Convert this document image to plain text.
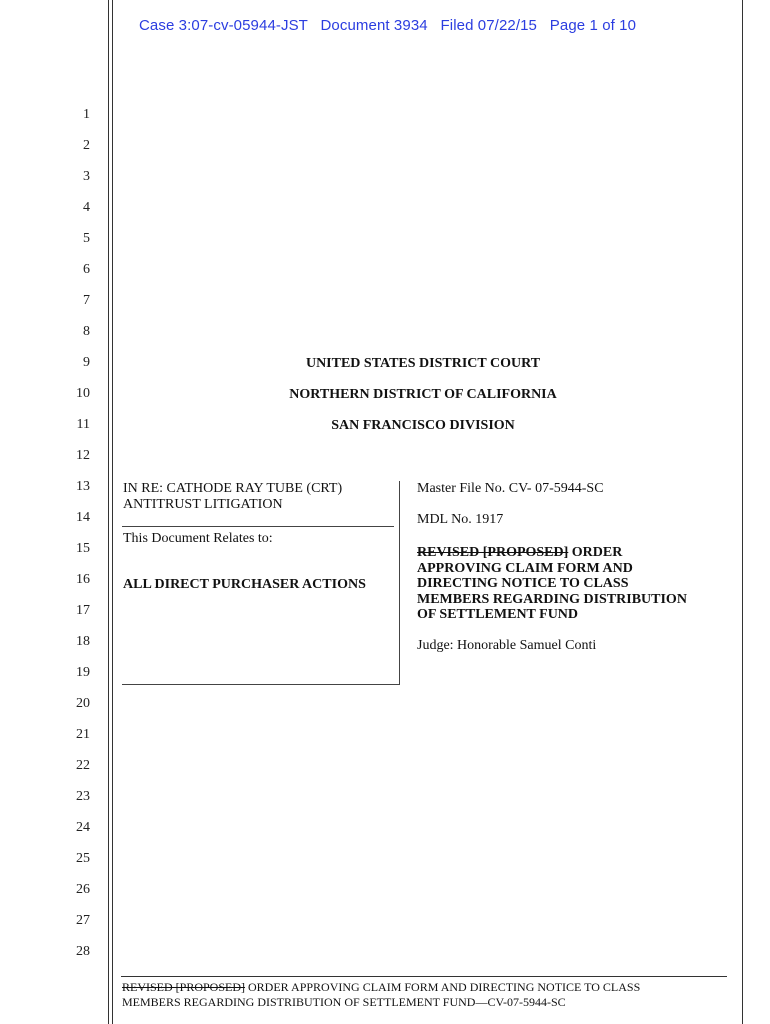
Case 3:07-cv-05944-JST Document 3934 Filed 07/22/15 Page 1 of 10
1
2
3
4
5
6
7
8
9
10
11
12
13
14
15
16
17
18
19
20
21
22
23
24
25
26
27
28
UNITED STATES DISTRICT COURT
NORTHERN DISTRICT OF CALIFORNIA
SAN FRANCISCO DIVISION
IN RE: CATHODE RAY TUBE (CRT)
ANTITRUST LITIGATION
This Document Relates to:
ALL DIRECT PURCHASER ACTIONS
Master File No. CV- 07-5944-SC
MDL No. 1917
REVISED [PROPOSED] ORDER
APPROVING CLAIM FORM AND
DIRECTING NOTICE TO CLASS
MEMBERS REGARDING DISTRIBUTION
OF SETTLEMENT FUND
Judge: Honorable Samuel Conti
REVISED [PROPOSED] ORDER APPROVING CLAIM FORM AND DIRECTING NOTICE TO CLASS
MEMBERS REGARDING DISTRIBUTION OF SETTLEMENT FUND—CV-07-5944-SC
